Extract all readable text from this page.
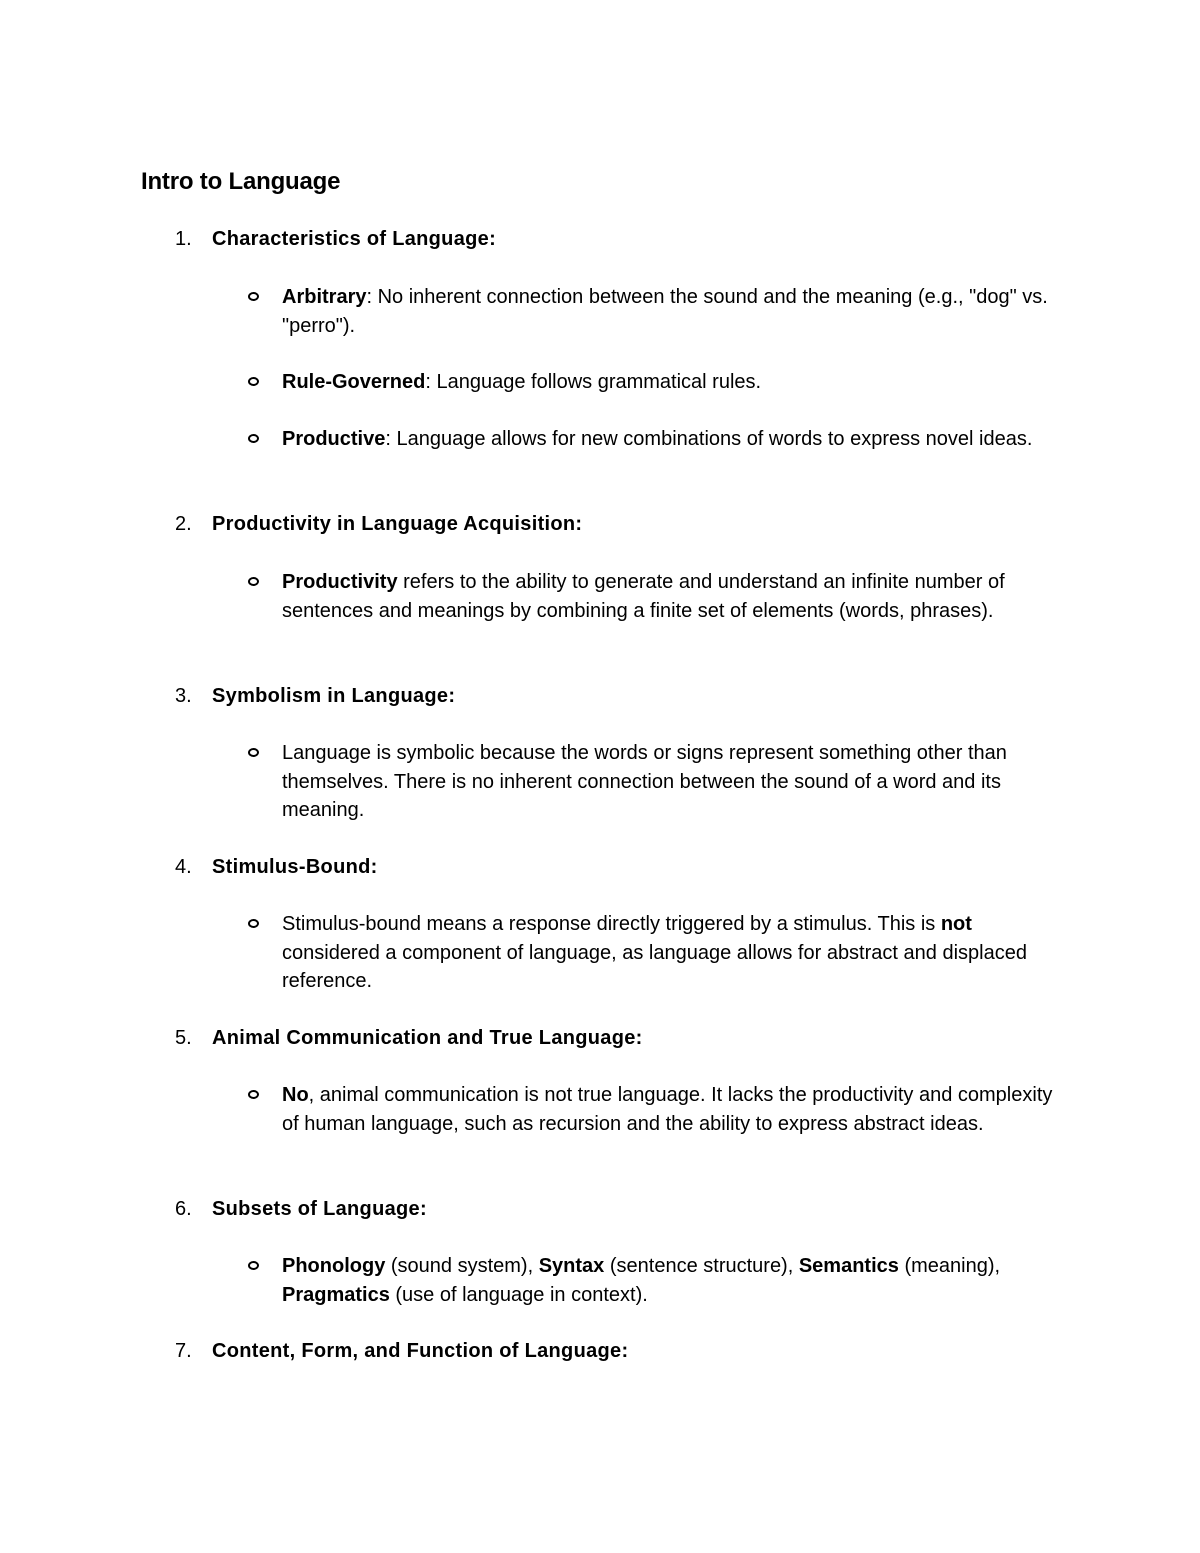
Intro to Language
1. Characteristics of Language:
Arbitrary: No inherent connection between the sound and the meaning (e.g., "dog" vs. "perro").
Rule-Governed: Language follows grammatical rules.
Productive: Language allows for new combinations of words to express novel ideas.
2. Productivity in Language Acquisition:
Productivity refers to the ability to generate and understand an infinite number of sentences and meanings by combining a finite set of elements (words, phrases).
3. Symbolism in Language:
Language is symbolic because the words or signs represent something other than themselves. There is no inherent connection between the sound of a word and its meaning.
4. Stimulus-Bound:
Stimulus-bound means a response directly triggered by a stimulus. This is not considered a component of language, as language allows for abstract and displaced reference.
5. Animal Communication and True Language:
No, animal communication is not true language. It lacks the productivity and complexity of human language, such as recursion and the ability to express abstract ideas.
6. Subsets of Language:
Phonology (sound system), Syntax (sentence structure), Semantics (meaning), Pragmatics (use of language in context).
7. Content, Form, and Function of Language:
